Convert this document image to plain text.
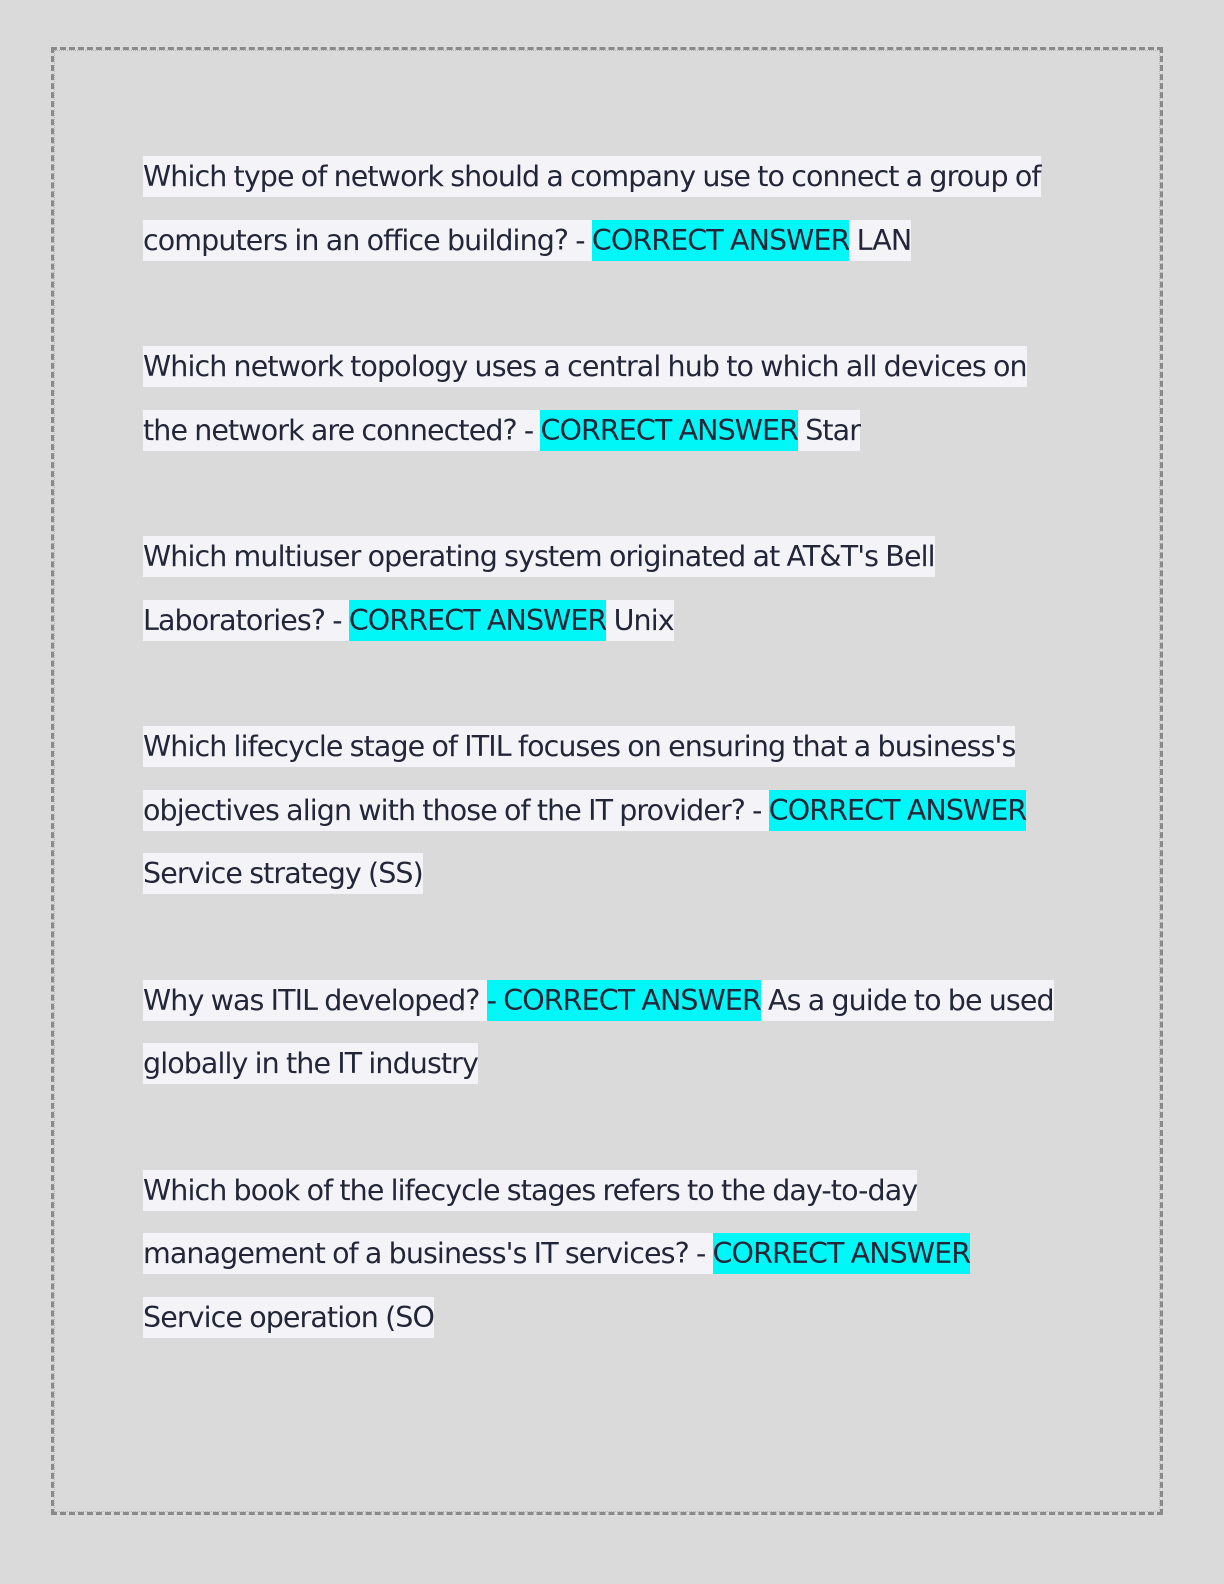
Which type of network should a company use to connect a group of computers in an office building? - CORRECT ANSWER LAN

Which network topology uses a central hub to which all devices on the network are connected? - CORRECT ANSWER Star

Which multiuser operating system originated at AT&T's Bell Laboratories? - CORRECT ANSWER Unix

Which lifecycle stage of ITIL focuses on ensuring that a business's objectives align with those of the IT provider? - CORRECT ANSWER Service strategy (SS)

Why was ITIL developed? - CORRECT ANSWER As a guide to be used globally in the IT industry

Which book of the lifecycle stages refers to the day-to-day management of a business's IT services? - CORRECT ANSWER Service operation (SO
